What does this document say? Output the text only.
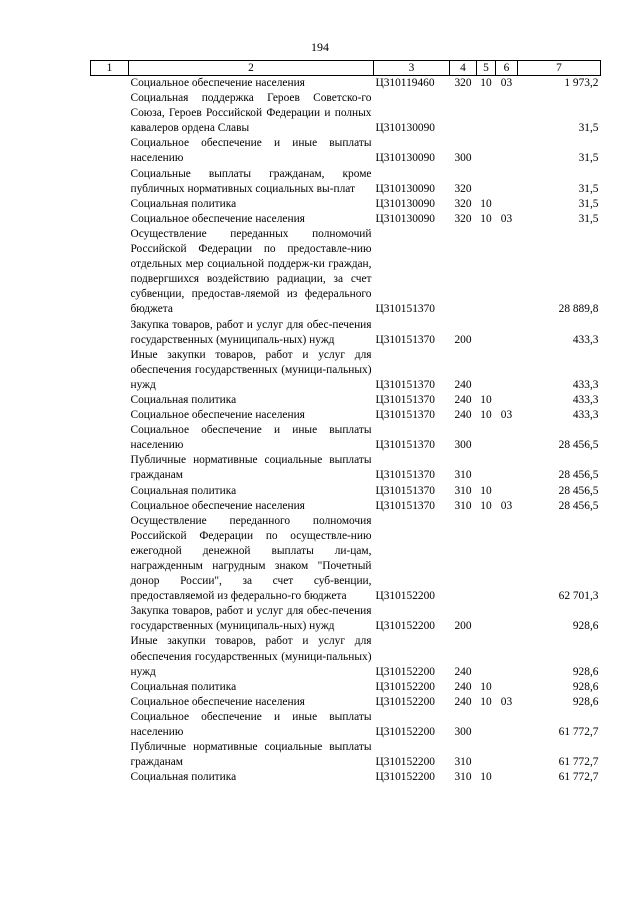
194
1	2	3	4	5	6	7
	Социальное обеспечение населения	Ц310119460	320	10	03	1 973,2
	Социальная поддержка Героев Советско-го Союза, Героев Российской Федерации и полных кавалеров ордена Славы	Ц310130090				31,5
	Социальное обеспечение и иные выплаты населению	Ц310130090	300			31,5
	Социальные выплаты гражданам, кроме публичных нормативных социальных вы-плат	Ц310130090	320			31,5
	Социальная политика	Ц310130090	320	10		31,5
	Социальное обеспечение населения	Ц310130090	320	10	03	31,5
	Осуществление переданных полномочий Российской Федерации по предоставле-нию отдельных мер социальной поддерж-ки граждан, подвергшихся воздействию радиации, за счет субвенции, предостав-ляемой из федерального бюджета	Ц310151370				28 889,8
	Закупка товаров, работ и услуг для обес-печения государственных (муниципаль-ных) нужд	Ц310151370	200			433,3
	Иные закупки товаров, работ и услуг для обеспечения государственных (муници-пальных) нужд	Ц310151370	240			433,3
	Социальная политика	Ц310151370	240	10		433,3
	Социальное обеспечение населения	Ц310151370	240	10	03	433,3
	Социальное обеспечение и иные выплаты населению	Ц310151370	300			28 456,5
	Публичные нормативные социальные выплаты гражданам	Ц310151370	310			28 456,5
	Социальная политика	Ц310151370	310	10		28 456,5
	Социальное обеспечение населения	Ц310151370	310	10	03	28 456,5
	Осуществление переданного полномочия Российской Федерации по осуществле-нию ежегодной денежной выплаты ли-цам, награжденным нагрудным знаком "Почетный донор России", за счет суб-венции, предоставляемой из федерально-го бюджета	Ц310152200				62 701,3
	Закупка товаров, работ и услуг для обес-печения государственных (муниципаль-ных) нужд	Ц310152200	200			928,6
	Иные закупки товаров, работ и услуг для обеспечения государственных (муници-пальных) нужд	Ц310152200	240			928,6
	Социальная политика	Ц310152200	240	10		928,6
	Социальное обеспечение населения	Ц310152200	240	10	03	928,6
	Социальное обеспечение и иные выплаты населению	Ц310152200	300			61 772,7
	Публичные нормативные социальные выплаты гражданам	Ц310152200	310			61 772,7
	Социальная политика	Ц310152200	310	10		61 772,7
